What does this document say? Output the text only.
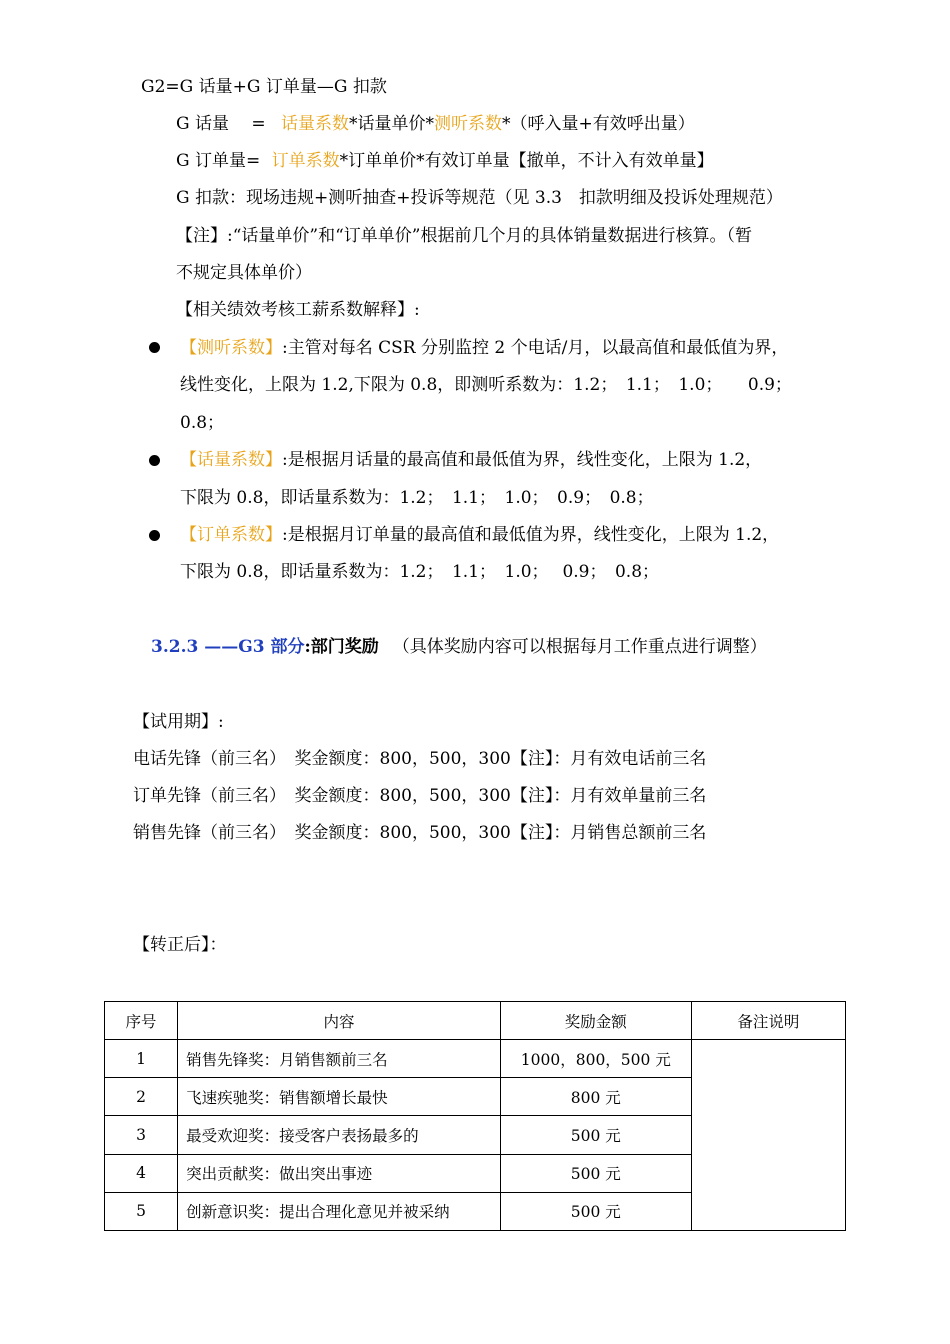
G2=G 话量+G 订单量—G 扣款
G 话量　 = 话量系数*话量单价*测听系数*（呼入量+有效呼出量）
G 订单量= 订单系数*订单单价*有效订单量【撤单，不计入有效单量】
G 扣款：现场违规+测听抽查+投诉等规范（见 3.3　扣款明细及投诉处理规范）
【注】:“话量单价”和“订单单价”根据前几个月的具体销量数据进行核算。（暂
不规定具体单价）
【相关绩效考核工薪系数解释】:
【测听系数】:主管对每名 CSR 分别监控 2 个电话/月，以最高值和最低值为界，
线性变化，上限为 1.2,下限为 0.8，即测听系数为：1.2；　1.1；　1.0；　　0.9；
0.8；
【话量系数】:是根据月话量的最高值和最低值为界，线性变化，上限为 1.2，
下限为 0.8，即话量系数为：1.2；　1.1；　1.0；　0.9；　0.8；
【订单系数】:是根据月订单量的最高值和最低值为界，线性变化，上限为 1.2，
下限为 0.8，即话量系数为：1.2；　1.1；　1.0；　 0.9；　0.8；
3.2.3 ——G3 部分:部门奖励 （具体奖励内容可以根据每月工作重点进行调整）
【试用期】:
电话先锋（前三名）　奖金额度：800，500，300【注】：月有效电话前三名
订单先锋（前三名）　奖金额度：800，500，300【注】：月有效单量前三名
销售先锋（前三名）　奖金额度：800，500，300【注】：月销售总额前三名
【转正后】：
序号	内容	奖励金额	备注说明
1	销售先锋奖：月销售额前三名	1000，800，500 元	
2	飞速疾驰奖：销售额增长最快	800 元	
3	最受欢迎奖：接受客户表扬最多的	500 元	
4	突出贡献奖：做出突出事迹	500 元	
5	创新意识奖：提出合理化意见并被采纳	500 元	
